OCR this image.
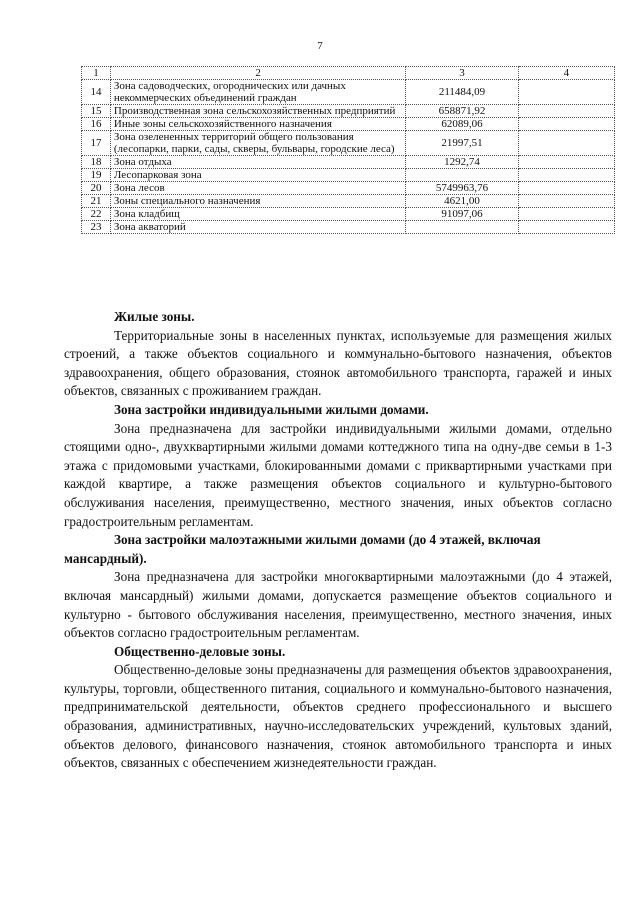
7
1	2	3	4
14	Зона садоводческих, огороднических или дачных некоммерческих объединений граждан	211484,09	
15	Производственная зона сельскохозяйственных предприятий	658871,92	
16	Иные зоны сельскохозяйственного назначения	62089,06	
17	Зона озелененных территорий общего пользования (лесопарки, парки, сады, скверы, бульвары, городские леса)	21997,51	
18	Зона отдыха	1292,74	
19	Лесопарковая зона		
20	Зона лесов	5749963,76	
21	Зоны специального назначения	4621,00	
22	Зона кладбищ	91097,06	
23	Зона акваторий		
Жилые зоны.

Территориальные зоны в населенных пунктах, используемые для размещения жилых строений, а также объектов социального и коммунально-бытового назначения, объектов здравоохранения, общего образования, стоянок автомобильного транспорта, гаражей и иных объектов, связанных с проживанием граждан.

Зона застройки индивидуальными жилыми домами.

Зона предназначена для застройки индивидуальными жилыми домами, отдельно стоящими одно-, двухквартирными жилыми домами коттеджного типа на одну-две семьи в 1-3 этажа с придомовыми участками, блокированными домами с приквартирными участками при каждой квартире, а также размещения объектов социального и культурно-бытового обслуживания населения, преимущественно, местного значения, иных объектов согласно градостроительным регламентам.

Зона застройки малоэтажными жилыми домами (до 4 этажей, включая мансардный).

Зона предназначена для застройки многоквартирными малоэтажными (до 4 этажей, включая мансардный) жилыми домами, допускается размещение объектов социального и культурно - бытового обслуживания населения, преимущественно, местного значения, иных объектов согласно градостроительным регламентам.

Общественно-деловые зоны.

Общественно-деловые зоны предназначены для размещения объектов здравоохранения, культуры, торговли, общественного питания, социального и коммунально-бытового назначения, предпринимательской деятельности, объектов среднего профессионального и высшего образования, административных, научно-исследовательских учреждений, культовых зданий, объектов делового, финансового назначения, стоянок автомобильного транспорта и иных объектов, связанных с обеспечением жизнедеятельности граждан.
